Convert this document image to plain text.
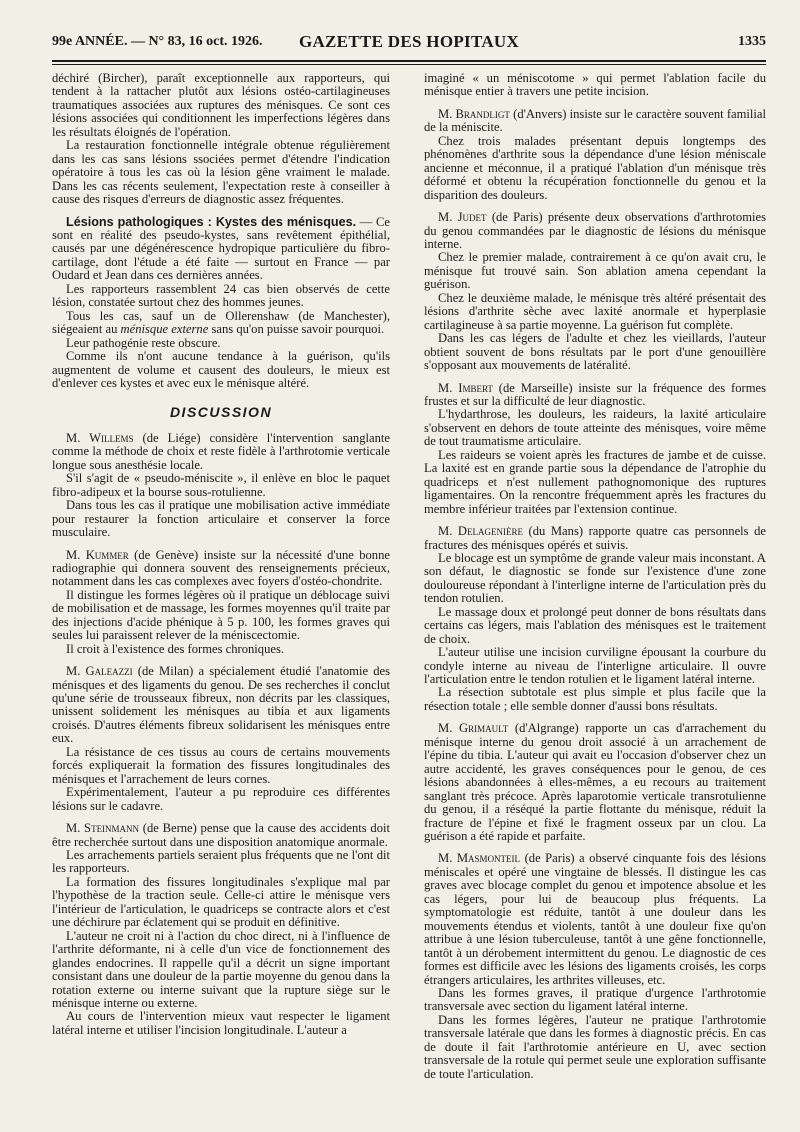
99e ANNÉE. — N° 83, 16 oct. 1926.	GAZETTE DES HOPITAUX	1335

déchiré (Bircher), paraît exceptionnelle aux rapporteurs, qui tendent à la rattacher plutôt aux lésions ostéo-cartilagineuses traumatiques associées aux ruptures des ménisques. Ce sont ces lésions associées qui conditionnent les imperfections légères dans les résultats éloignés de l'opération.

La restauration fonctionnelle intégrale obtenue régulièrement dans les cas sans lésions ssociées permet d'étendre l'indication opératoire à tous les cas où la lésion gêne vraiment le malade. Dans les cas récents seulement, l'expectation reste à conseiller à cause des risques d'erreurs de diagnostic assez fréquentes.

Lésions pathologiques : Kystes des ménisques. — Ce sont en réalité des pseudo-kystes, sans revêtement épithélial, causés par une dégénérescence hydropique particulière du fibro-cartilage, dont l'étude a été faite — surtout en France — par Oudard et Jean dans ces dernières années.

Les rapporteurs rassemblent 24 cas bien observés de cette lésion, constatée surtout chez des hommes jeunes.

Tous les cas, sauf un de Ollerenshaw (de Manchester), siégeaient au ménisque externe sans qu'on puisse savoir pourquoi.

Leur pathogénie reste obscure.

Comme ils n'ont aucune tendance à la guérison, qu'ils augmentent de volume et causent des douleurs, le mieux est d'enlever ces kystes et avec eux le ménisque altéré.

DISCUSSION

M. Willems (de Liége) considère l'intervention sanglante comme la méthode de choix et reste fidèle à l'arthrotomie verticale longue sous anesthésie locale.

S'il s'agit de « pseudo-méniscite », il enlève en bloc le paquet fibro-adipeux et la bourse sous-rotulienne.

Dans tous les cas il pratique une mobilisation active immédiate pour restaurer la fonction articulaire et conserver la force musculaire.

M. Kummer (de Genève) insiste sur la nécessité d'une bonne radiographie qui donnera souvent des renseignements précieux, notamment dans les cas complexes avec foyers d'ostéo-chondrite.

Il distingue les formes légères où il pratique un déblocage suivi de mobilisation et de massage, les formes moyennes qu'il traite par des injections d'acide phénique à 5 p. 100, les formes graves qui seules lui paraissent relever de la méniscectomie.

Il croit à l'existence des formes chroniques.

M. Galeazzi (de Milan) a spécialement étudié l'anatomie des ménisques et des ligaments du genou. De ses recherches il conclut qu'une série de trousseaux fibreux, non décrits par les classiques, unissent solidement les ménisques au tibia et aux ligaments croisés. D'autres éléments fibreux solidarisent les ménisques entre eux.

La résistance de ces tissus au cours de certains mouvements forcés expliquerait la formation des fissures longitudinales des ménisques et l'arrachement de leurs cornes.

Expérimentalement, l'auteur a pu reproduire ces différentes lésions sur le cadavre.

M. Steinmann (de Berne) pense que la cause des accidents doit être recherchée surtout dans une disposition anatomique anormale.

Les arrachements partiels seraient plus fréquents que ne l'ont dit les rapporteurs.

La formation des fissures longitudinales s'explique mal par l'hypothèse de la traction seule. Celle-ci attire le ménisque vers l'intérieur de l'articulation, le quadriceps se contracte alors et c'est une déchirure par éclatement qui se produit en définitive.

L'auteur ne croit ni à l'action du choc direct, ni à l'influence de l'arthrite déformante, ni à celle d'un vice de fonctionnement des glandes endocrines. Il rappelle qu'il a décrit un signe important consistant dans une douleur de la partie moyenne du genou dans la rotation externe ou interne suivant que la rupture siège sur le ménisque interne ou externe.

Au cours de l'intervention mieux vaut respecter le ligament latéral interne et utiliser l'incision longitudinale. L'auteur a

imaginé « un méniscotome » qui permet l'ablation facile du ménisque entier à travers une petite incision.

M. Brandligt (d'Anvers) insiste sur le caractère souvent familial de la méniscite.

Chez trois malades présentant depuis longtemps des phénomènes d'arthrite sous la dépendance d'une lésion méniscale ancienne et méconnue, il a pratiqué l'ablation d'un ménisque très déformé et obtenu la récupération fonctionnelle du genou et la disparition des douleurs.

M. Judet (de Paris) présente deux observations d'arthrotomies du genou commandées par le diagnostic de lésions du ménisque interne.

Chez le premier malade, contrairement à ce qu'on avait cru, le ménisque fut trouvé sain. Son ablation amena cependant la guérison.

Chez le deuxième malade, le ménisque très altéré présentait des lésions d'arthrite sèche avec laxité anormale et hyperplasie cartilagineuse à sa partie moyenne. La guérison fut complète.

Dans les cas légers de l'adulte et chez les vieillards, l'auteur obtient souvent de bons résultats par le port d'une genouillère s'opposant aux mouvements de latéralité.

M. Imbert (de Marseille) insiste sur la fréquence des formes frustes et sur la difficulté de leur diagnostic.

L'hydarthrose, les douleurs, les raideurs, la laxité articulaire s'observent en dehors de toute atteinte des ménisques, voire même de tout traumatisme articulaire.

Les raideurs se voient après les fractures de jambe et de cuisse. La laxité est en grande partie sous la dépendance de l'atrophie du quadriceps et n'est nullement pathognomonique des ruptures ligamentaires. On la rencontre fréquemment après les fractures du membre inférieur traitées par l'extension continue.

M. Delagenière (du Mans) rapporte quatre cas personnels de fractures des ménisques opérés et suivis.

Le blocage est un symptôme de grande valeur mais inconstant. A son défaut, le diagnostic se fonde sur l'existence d'une zone douloureuse répondant à l'interligne interne de l'articulation près du tendon rotulien.

Le massage doux et prolongé peut donner de bons résultats dans certains cas légers, mais l'ablation des ménisques est le traitement de choix.

L'auteur utilise une incision curviligne épousant la courbure du condyle interne au niveau de l'interligne articulaire. Il ouvre l'articulation entre le tendon rotulien et le ligament latéral interne.

La résection subtotale est plus simple et plus facile que la résection totale ; elle semble donner d'aussi bons résultats.

M. Grimault (d'Algrange) rapporte un cas d'arrachement du ménisque interne du genou droit associé à un arrachement de l'épine du tibia. L'auteur qui avait eu l'occasion d'observer chez un autre accidenté, les graves conséquences pour le genou, de ces lésions abandonnées à elles-mêmes, a eu recours au traitement sanglant très précoce. Après laparotomie verticale transrotulienne du genou, il a réséqué la partie flottante du ménisque, réduit la fracture de l'épine et fixé le fragment osseux par un clou. La guérison a été rapide et parfaite.

M. Masmonteil (de Paris) a observé cinquante fois des lésions méniscales et opéré une vingtaine de blessés. Il distingue les cas graves avec blocage complet du genou et impotence absolue et les cas légers, pour lui de beaucoup plus fréquents. La symptomatologie est réduite, tantôt à une douleur dans les mouvements étendus et violents, tantôt à une douleur fixe qu'on attribue à une lésion tuberculeuse, tantôt à une gêne fonctionnelle, tantôt à un dérobement intermittent du genou. Le diagnostic de ces formes est difficile avec les lésions des ligaments croisés, les corps étrangers articulaires, les arthrites villeuses, etc.

Dans les formes graves, il pratique d'urgence l'arthrotomie transversale avec section du ligament latéral interne.

Dans les formes légères, l'auteur ne pratique l'arthrotomie transversale latérale que dans les formes à diagnostic précis. En cas de doute il fait l'arthrotomie antérieure en U, avec section transversale de la rotule qui permet seule une exploration suffisante de toute l'articulation.
